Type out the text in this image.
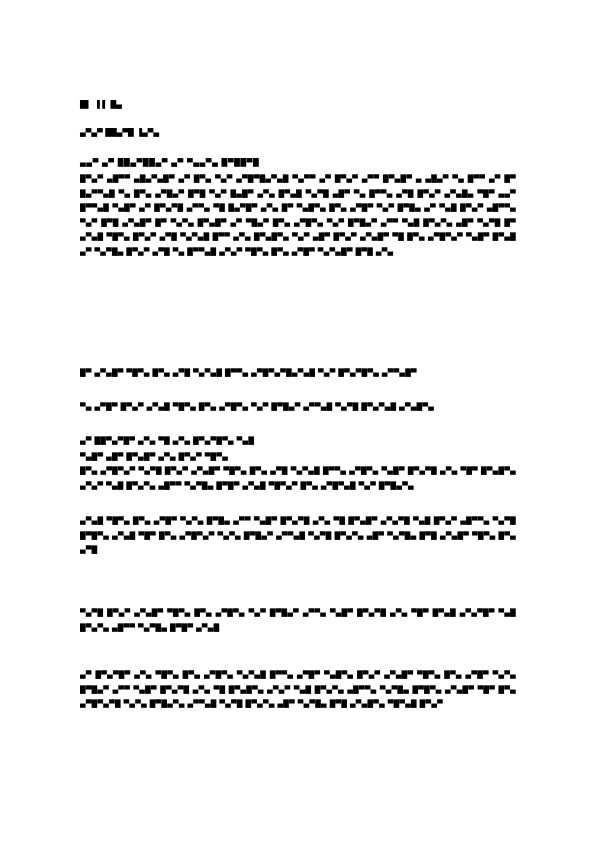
█▌ ▐ ▌ █▄
▄▀▄▀ ██▄▀█ ▐▄▀▄
▄▄▀ ▄▀ ██▄▀██▄▀ ▄▀ ▀▄▄▀▄ █▀██▀█
█▀▄▀ ▄█▀▀ ▄█▄▀▄█▀ ▄▀ █▀▄ ▀▄▀ ▄▀█▀█▄▀▄█ ▀▄▀▀ ▄▀ █▀▄▀ ▄▀▀ █▀▄█▀ ▄ ▄█▄▀ ▀▄ █▀▀ ▄▀ █▀ █▄▀▀▄█ ▀▄ █▀▄ ▄▀█▄▀ █▀█ ▀▄▀ █▄█▀ ▄▀▄ █▀▄█ ▀▄▀█ ▄█▀ ▀▄ █▀▀▄ ▄▀█ █▀▄▀ ▄▀▄█▄ ▀█▀ ▄▄▀ █▀▀▄█ ▀▄█▀ ▄▀ █▀▄▀█ ▄▀▀▄ ▀█ █▄▀█▀ ▄▀▄ █▀ ▀▄█▀▄ █▀▄ ▄▀█▀ ▀▄▀ █▀█▄ ▄▀ ▀▄█ █▀▄▀ ▄█▀▀▄ ▀▄▀ █▀█ ▄▀▄█▀ █▀ ▀▄▀▄ █▀▄█▀ ▄▀ ▀█▄▀ █▀▄ ▄▀█▀▄ ▀▄▀ █▀█▄▀ ▄▀▀ ▀▄█ █▀▄▀▄ ▄█▀ ▀▄▀█ █▀ ▄▀▄█ ▀█▀▄ █▀▄▀ ▄▀█ ▀▄▀▄█ █▀▀ ▄▀▄ █▀▄█▀▄ ▀▄▀ ▄█▀ █▀▄▀ ▄▀▄█▀ ▀█ █▀▄ ▄▀█▀▄▀ ▀▄█▀ █▀▄█ ▄▀ ▀▄▀█▄ █▀▄▀ ▄▀█ ▀▄ █▀▀▄█ ▄▀▄▀ ▀█▀▄ █▀▄ ▄▀█▀ ▀▄▀▄█▀ █▀█ ▄▀▄
█▀ ▄▀▄█▀ ▀█▀▄ █▀▄ ▄▀█ ▀▄▀▄█ █▀▀▄ ▄▀█▀▄▀█▄▀▄█ ▀▄▀ █▀▄▀█▀▄ ▄▀▀▄█▀
▀▄ ▄▀█▀ █▀▄▀ ▄▀▄█ ▀█▀▄ █▀▄ ▄▀█▀▄ ▀▄▀ █▀█▄▀ ▄▀▀▄█ ▀▄▀█ █▀▄▀▄█ ▄▀▄█▀▄
▄▀ ██▀▄▀█▀ ▄▀▄ ▀█ ▄▀▄ █▀▄▀█▀▄ ▀▄█
▀▄█▀ ▄█▀ █▀▄█▀ ▄▀▄ █▀▄▀ ▀█▀▄
█▀▄ ▄▀█▀▄▀ ▀▄▀█ █▀▄▀ ▄▀▄█▀ ▀█▀▄ █▀▄ ▄▀█ ▀▄▀▄█ █▀▀▄ ▄▀█▀▄ ▀▄█▀ █▀▄▀█ ▄▀▄ ▀█▀ █▀▄█▀▄ ▄▀▄▀ ▀▄█ █▀▄▀▄ ▄█▀▀ ▀▄▀█▄ █▀█▀ ▄▀▄█ ▀█▀▄▀ █▀▄ ▄▀█▀▄█ ▀▄▀ █▀█▄▀▄
▄▀▄█ ▀█▀▄ █▀▄ ▄▀█▀ ▀▄▀▄ █▀█▄ ▄▀▀ ▀▄█▀ █▀▄▀█ ▄▀▄ ▀█ █▀▄█▀ ▄▀▄▀█ ▀▄█ █▀▄▀ ▄█▀▀▄ ▀▄▀█ █▀█▀▄ ▄▀▄█ ▀█▀ █▀▄ ▄▀█▀▄▀ ▀▄▀▄ █▀█▄▀ ▄▀▀▄█ ▀▄▀█ █▀▄▀▄ ▄█▀ ▀▄▀█▄ █▀█ ▄▀▄█▀ ▀█▀▄ █▀▄ ▄▀█
▀▄▀█ █▀▄▀ ▄▀▄█▀ ▀█▀▄ █▀▄ ▄▀█▀▄ ▀▄▀ █▀█▄▀ ▄▀▀▄ ▀▄█▀ █▀▄▀█ ▄▀▄ ▀█▀ █▀▄█ ▄▀▄▀█▀ ▀▄█ █▀▄▀▄ ▄█▀▀ ▀▄▀█▄ █▀█▀ ▄▀▄█
▄▀ █▀▄▀█▀ ▄▀▄ ▀█▀▄ █▀▄ ▄▀█▀▄ ▀▄▀▄█ █▀▀▄ ▄▀█▀ ▀▄█▀▄ █▀▄▀ ▄▀▄█▀ ▀█▀▄ █▀▄ ▄▀█▀ ▀▄▀▄ █▀█▄▀ ▄▀▀ ▀▄█▀ █▀▄▀█ ▄▀▄ ▀█ █▀▄█▀▄ ▄▀▄▀ ▀▄█ █▀▄▀▄ ▄█▀▀▄ ▀▄▀█▄ █▀█▀▄ ▄▀▄█▀ ▀█▀ █▀▄ ▄▀█▀▄▀█ ▀▄▀▄ █▀█▄▀▄ ▄▀▀▄█ ▀▄▀█ █▀▄▀▄ ▄█▀ ▀▄▀█▄ █▀█ ▄▀▄█▀▄ ▀█▀▄█ █▀▄▀
